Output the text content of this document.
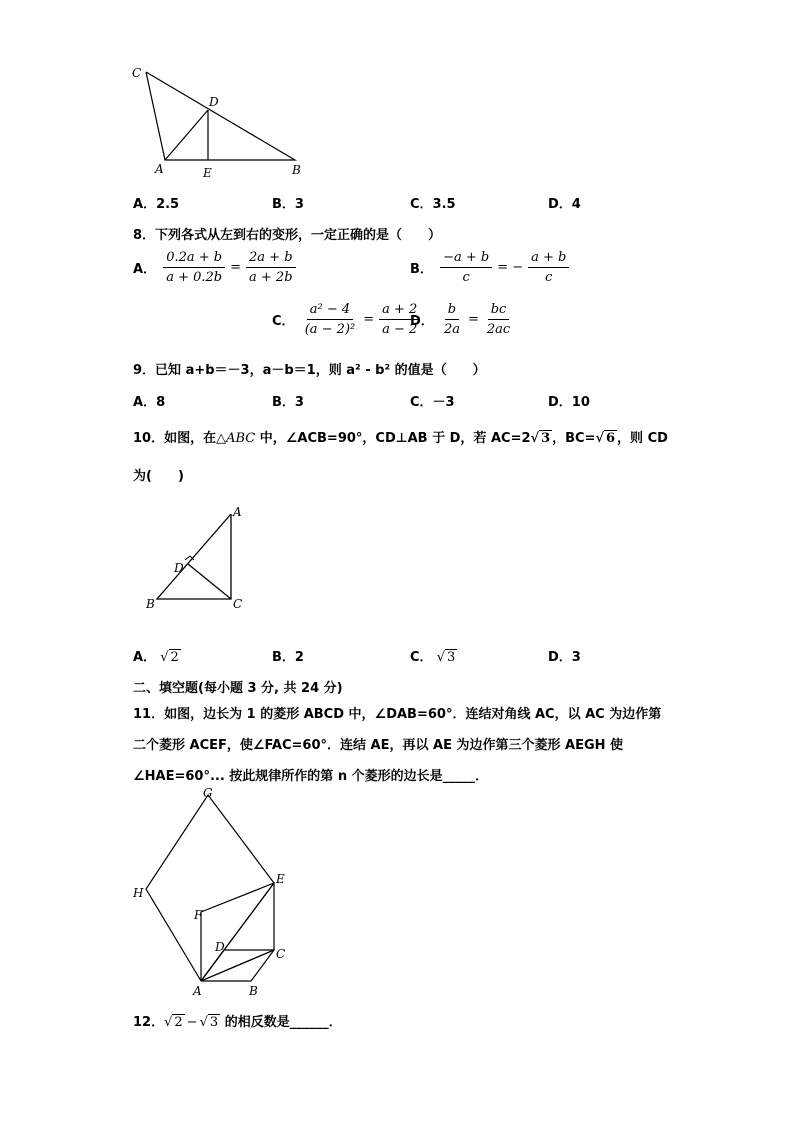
C
D
A	E	B
A．2.5	B．3	C．3.5	D．4
8．下列各式从左到右的变形，一定正确的是（　　）
A． $\frac{0.2a + b}{a + 0.2b} = \frac{2a + b}{a + 2b}$	B． $\frac{-a + b}{c}$ = − $\frac{a + b}{c}$
C． $\frac{\text{a² − 4}}{\text{(a − 2)²}} = \frac{a + 2}{a - 2}$
D． $\frac{b}{2a} = \frac{bc}{2ac}$
9．已知 a+b＝－3，a－b＝1，则 a² - b² 的值是（　　）
A．8	B．3	C．－3	D．10
10．如图，在△ABC 中，∠ACB=90°，CD⊥AB 于 D，若 AC=2√ 3 ，BC=√ 6 ，则 CD
为(　　)
A
D
B	C
A． √ 2	B．2	C． √ 3	D．3
二、填空题(每小题 3 分, 共 24 分)
11．如图，边长为 1 的菱形 ABCD 中，∠DAB=60°．连结对角线 AC，以 AC 为边作第
二个菱形 ACEF，使∠FAC=60°．连结 AE，再以 AE 为边作第三个菱形 AEGH 使
∠HAE=60°... 按此规律所作的第 n 个菱形的边长是_____．
G
H
E
F
D	C
A	B
12．√ 2 − √ 3 的相反数是______．
